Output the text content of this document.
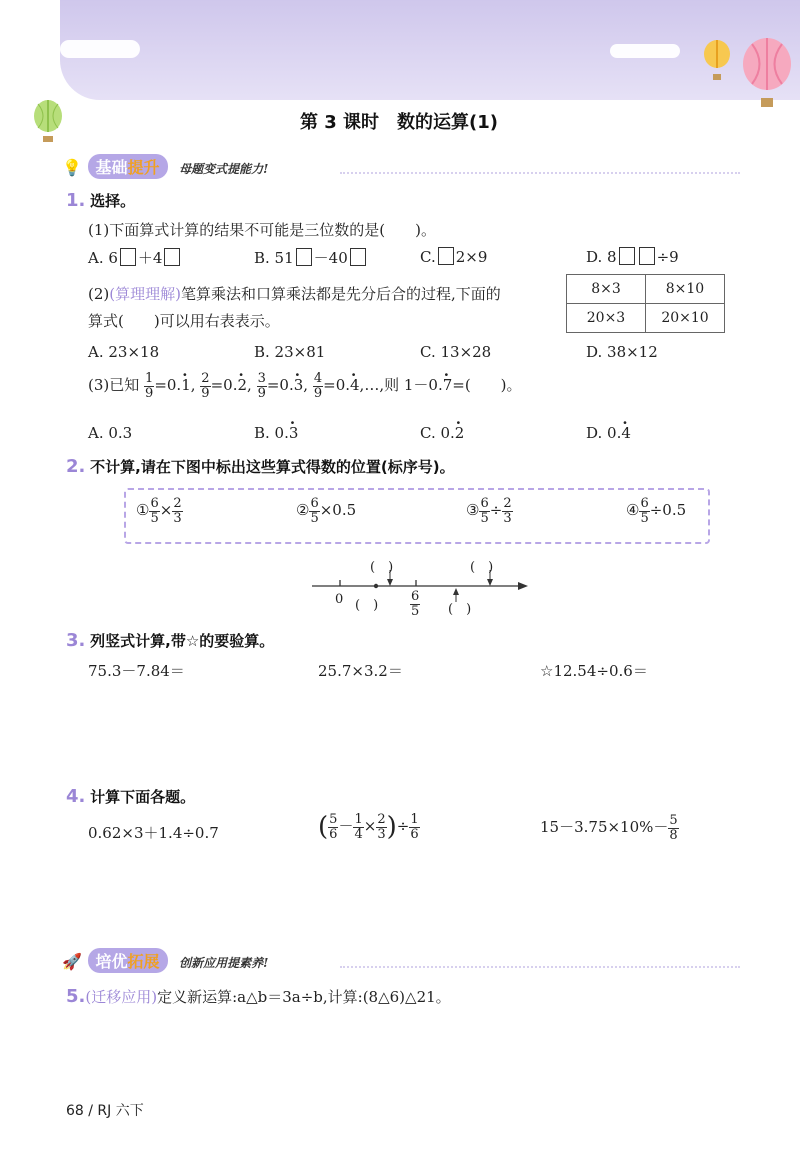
第 3 课时　数的运算(1)
💡 基础提升 母题变式提能力!
1. 选择。
(1)下面算式计算的结果不可能是三位数的是(　　)。
A. 6 ＋4	B. 51 －40	C. 2×9	D. 8	÷9
(2)(算理理解)笔算乘法和口算乘法都是先分后合的过程,下面的
算式(　　)可以用右表表示。
8×3	8×10
20×3	20×10
A. 23×18	B. 23×81	C. 13×28	D. 38×12
(3)已知 $\frac{1}{9} =0.\cdot 1$, $\frac{2}{9} =0.\cdot 2$, $\frac{3}{9} =0.\cdot 3$, $\frac{4}{9} =0.\cdot$ 4,…,则 1－0.· 7=(　　)。
A. 0.3	B. 0.· 3	C. 0.· 2	D. 0.· 4
2. 不计算,请在下图中标出这些算式得数的位置(标序号)。
① $\frac{6}{5} \times \frac{2}{3}$	② $\frac{6}{5} \times 0.5$	③ $\frac{6}{5} \div \frac{2}{3}$	④ $\frac{6}{5} \div 0.5$
(　)	(　)
0 (　) $\frac{6}{5}$ (　)
3. 列竖式计算,带☆的要验算。
75.3－7.84＝	25.7×3.2＝	☆12.54÷0.6＝
4. 计算下面各题。
0.62×3＋1.4÷0.7	( $\frac{5}{6} - \frac{1}{4} \times \frac{2}{3}$ )÷ $\frac{1}{6}$	$15-3.75\times 10\%- \frac{5}{8}$
🚀 培优拓展 创新应用提素养!
5.(迁移应用)定义新运算:a△b＝3a÷b,计算:(8△6)△21。
68 / RJ 六下
